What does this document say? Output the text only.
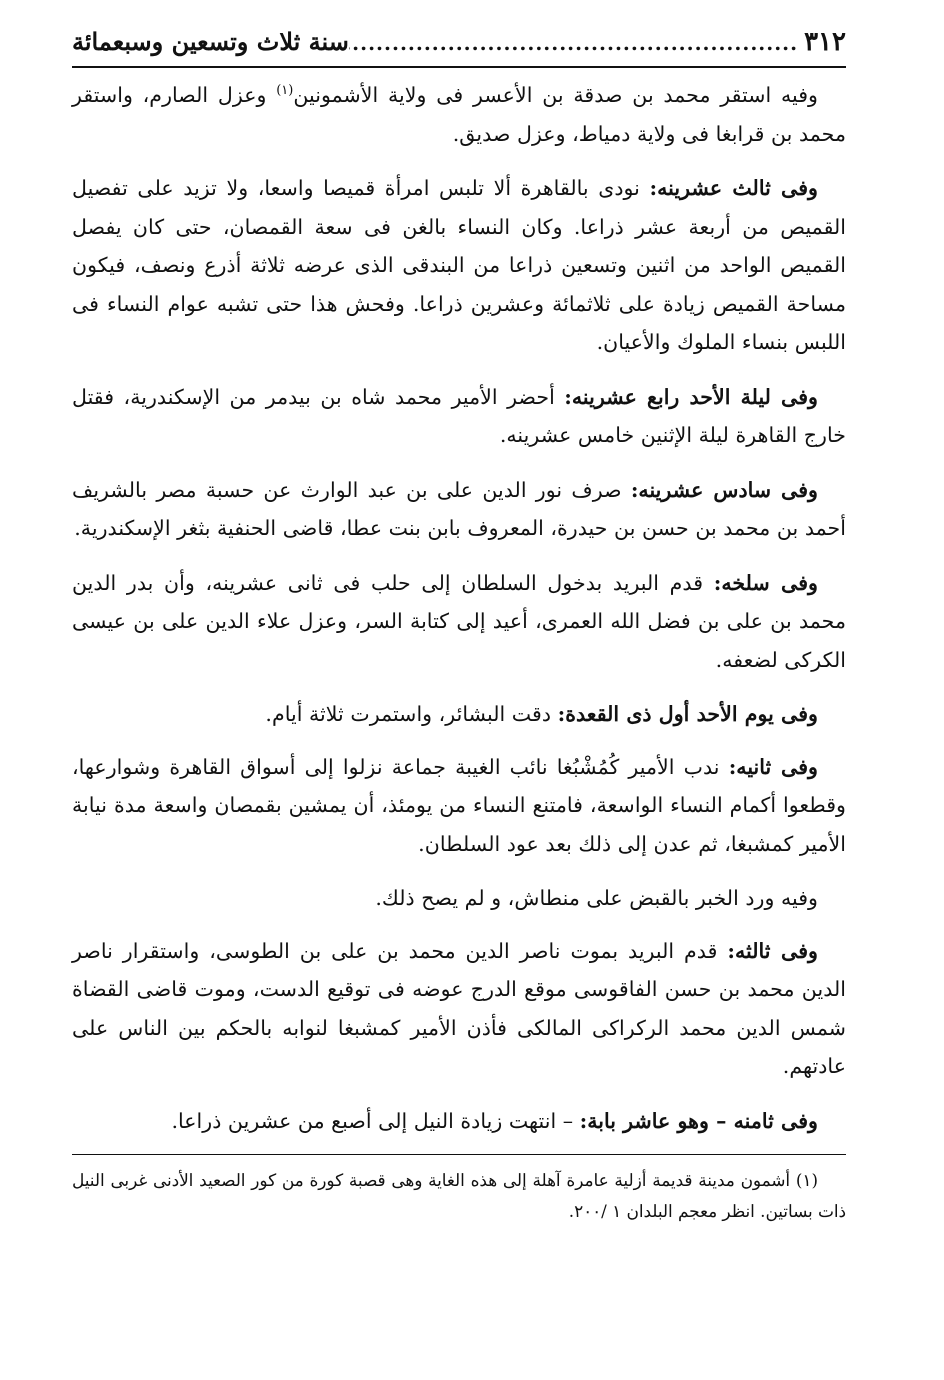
٣١٢
.....
سنة ثلاث وتسعين وسبعمائة

وفيه استقر محمد بن صدقة بن الأعسر فى ولاية الأشمونين$^{(١)}$ وعزل الصارم، واستقر محمد بن قرابغا فى ولاية دمياط، وعزل صديق.

وفى ثالث عشرينه: نودى بالقاهرة ألا تلبس امرأة قميصا واسعا، ولا تزيد على تفصيل القميص من أربعة عشر ذراعا. وكان النساء بالغن فى سعة القمصان، حتى كان يفصل القميص الواحد من اثنين وتسعين ذراعا من البندقى الذى عرضه ثلاثة أذرع ونصف، فيكون مساحة القميص زيادة على ثلاثمائة وعشرين ذراعا. وفحش هذا حتى تشبه عوام النساء فى اللبس بنساء الملوك والأعيان.

وفى ليلة الأحد رابع عشرينه: أحضر الأمير محمد شاه بن بيدمر من الإسكندرية، فقتل خارج القاهرة ليلة الإثنين خامس عشرينه.

وفى سادس عشرينه: صرف نور الدين على بن عبد الوارث عن حسبة مصر بالشريف أحمد بن محمد بن حسن بن حيدرة، المعروف بابن بنت عطا، قاضى الحنفية بثغر الإسكندرية.

وفى سلخه: قدم البريد بدخول السلطان إلى حلب فى ثانى عشرينه، وأن بدر الدين محمد بن على بن فضل الله العمرى، أعيد إلى كتابة السر، وعزل علاء الدين على بن عيسى الكركى لضعفه.

وفى يوم الأحد أول ذى القعدة: دقت البشائر، واستمرت ثلاثة أيام.

وفى ثانيه: ندب الأمير كُمُشْبُغا نائب الغيبة جماعة نزلوا إلى أسواق القاهرة وشوارعها، وقطعوا أكمام النساء الواسعة، فامتنع النساء من يومئذ، أن يمشين بقمصان واسعة مدة نيابة الأمير كمشبغا، ثم عدن إلى ذلك بعد عود السلطان.

وفيه ورد الخبر بالقبض على منطاش، و لم يصح ذلك.

وفى ثالثه: قدم البريد بموت ناصر الدين محمد بن على بن الطوسى، واستقرار ناصر الدين محمد بن حسن الفاقوسى موقع الدرج عوضه فى توقيع الدست، وموت قاضى القضاة شمس الدين محمد الركراكى المالكى فأذن الأمير كمشبغا لنوابه بالحكم بين الناس على عادتهم.

وفى ثامنه – وهو عاشر بابة: – انتهت زيادة النيل إلى أصبع من عشرين ذراعا.

(١) أشمون مدينة قديمة أزلية عامرة آهلة إلى هذه الغاية وهى قصبة كورة من كور الصعيد الأدنى غربى النيل ذات بساتين. انظر معجم البلدان ١ /٢٠٠.
